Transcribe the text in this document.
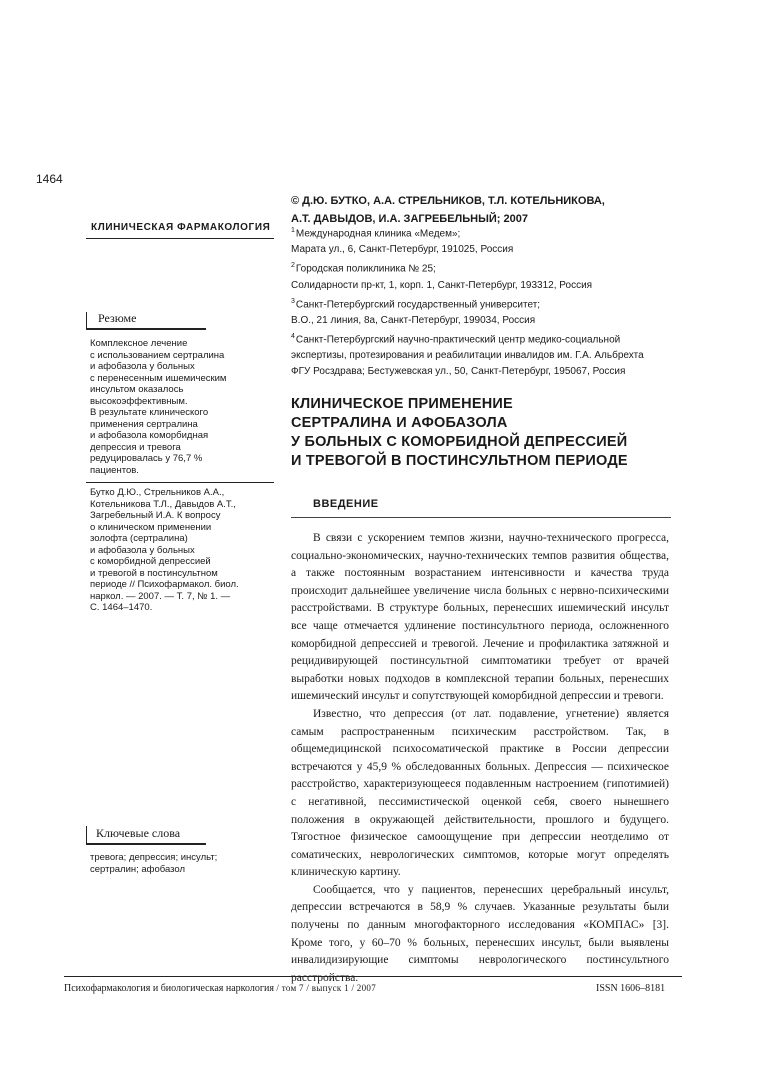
1464
КЛИНИЧЕСКАЯ ФАРМАКОЛОГИЯ
© Д.Ю. БУТКО, А.А. СТРЕЛЬНИКОВ, Т.Л. КОТЕЛЬНИКОВА,
А.Т. ДАВЫДОВ, И.А. ЗАГРЕБЕЛЬНЫЙ; 2007
$^1$Международная клиника «Медем»;
Марата ул., 6, Санкт-Петербург, 191025, Россия
$^2$Городская поликлиника № 25;
Солидарности пр-кт, 1, корп. 1, Санкт-Петербург, 193312, Россия
$^3$Санкт-Петербургский государственный университет;
В.О., 21 линия, 8а, Санкт-Петербург, 199034, Россия
$^4$Санкт-Петербургский научно-практический центр медико-социальной
экспертизы, протезирования и реабилитации инвалидов им. Г.А. Альбрехта
ФГУ Росздрава; Бестужевская ул., 50, Санкт-Петербург, 195067, Россия
Резюме
Комплексное лечение
с использованием сертралина
и афобазола у больных
с перенесенным ишемическим
инсультом оказалось
высокоэффективным.
В результате клинического
применения сертралина
и афобазола коморбидная
депрессия и тревога
редуцировалась у 76,7 %
пациентов.
Бутко Д.Ю., Стрельников А.А.,
Котельникова Т.Л., Давыдов А.Т.,
Загребельный И.А. К вопросу
о клиническом применении
золофта (сертралина)
и афобазола у больных
с коморбидной депрессией
и тревогой в постинсультном
периоде // Психофармакол. биол.
наркол. — 2007. — Т. 7, № 1. —
С. 1464–1470.
Ключевые слова
тревога; депрессия; инсульт;
сертралин; афобазол
КЛИНИЧЕСКОЕ ПРИМЕНЕНИЕ
СЕРТРАЛИНА И АФОБАЗОЛА
У БОЛЬНЫХ С КОМОРБИДНОЙ ДЕПРЕССИЕЙ
И ТРЕВОГОЙ В ПОСТИНСУЛЬТНОМ ПЕРИОДЕ
ВВЕДЕНИЕ

В связи с ускорением темпов жизни, научно-технического прогресса, социально-экономических, научно-технических темпов развития общества, а также постоянным возрастанием интенсивности и качества труда происходит дальнейшее увеличение числа больных с нервно-психическими расстройствами. В структуре больных, перенесших ишемический инсульт все чаще отмечается удлинение постинсультного периода, осложненного коморбидной депрессией и тревогой. Лечение и профилактика затяжной и рецидивирующей постинсультной симптоматики требует от врачей выработки новых подходов в комплексной терапии больных, перенесших ишемический инсульт и сопутствующей коморбидной депрессии и тревоги.

Известно, что депрессия (от лат. подавление, угнетение) является самым распространенным психическим расстройством. Так, в общемедицинской психосоматической практике в России депрессии встречаются у 45,9 % обследованных больных. Депрессия — психическое расстройство, характеризующееся подавленным настроением (гипотимией) с негативной, пессимистической оценкой себя, своего нынешнего положения в окружающей действительности, прошлого и будущего. Тягостное физическое самоощущение при депрессии неотделимо от соматических, неврологических симптомов, которые могут определять клиническую картину.

Сообщается, что у пациентов, перенесших церебральный инсульт, депрессии встречаются в 58,9 % случаев. Указанные результаты были получены по данным многофакторного исследования «КОМПАС» [3]. Кроме того, у 60–70 % больных, перенесших инсульт, были выявлены инвалидизирующие симптомы неврологического постинсультного расстройства.

Психофармакология и биологическая наркология / том 7 / выпуск 1 / 2007	ISSN 1606–8181
